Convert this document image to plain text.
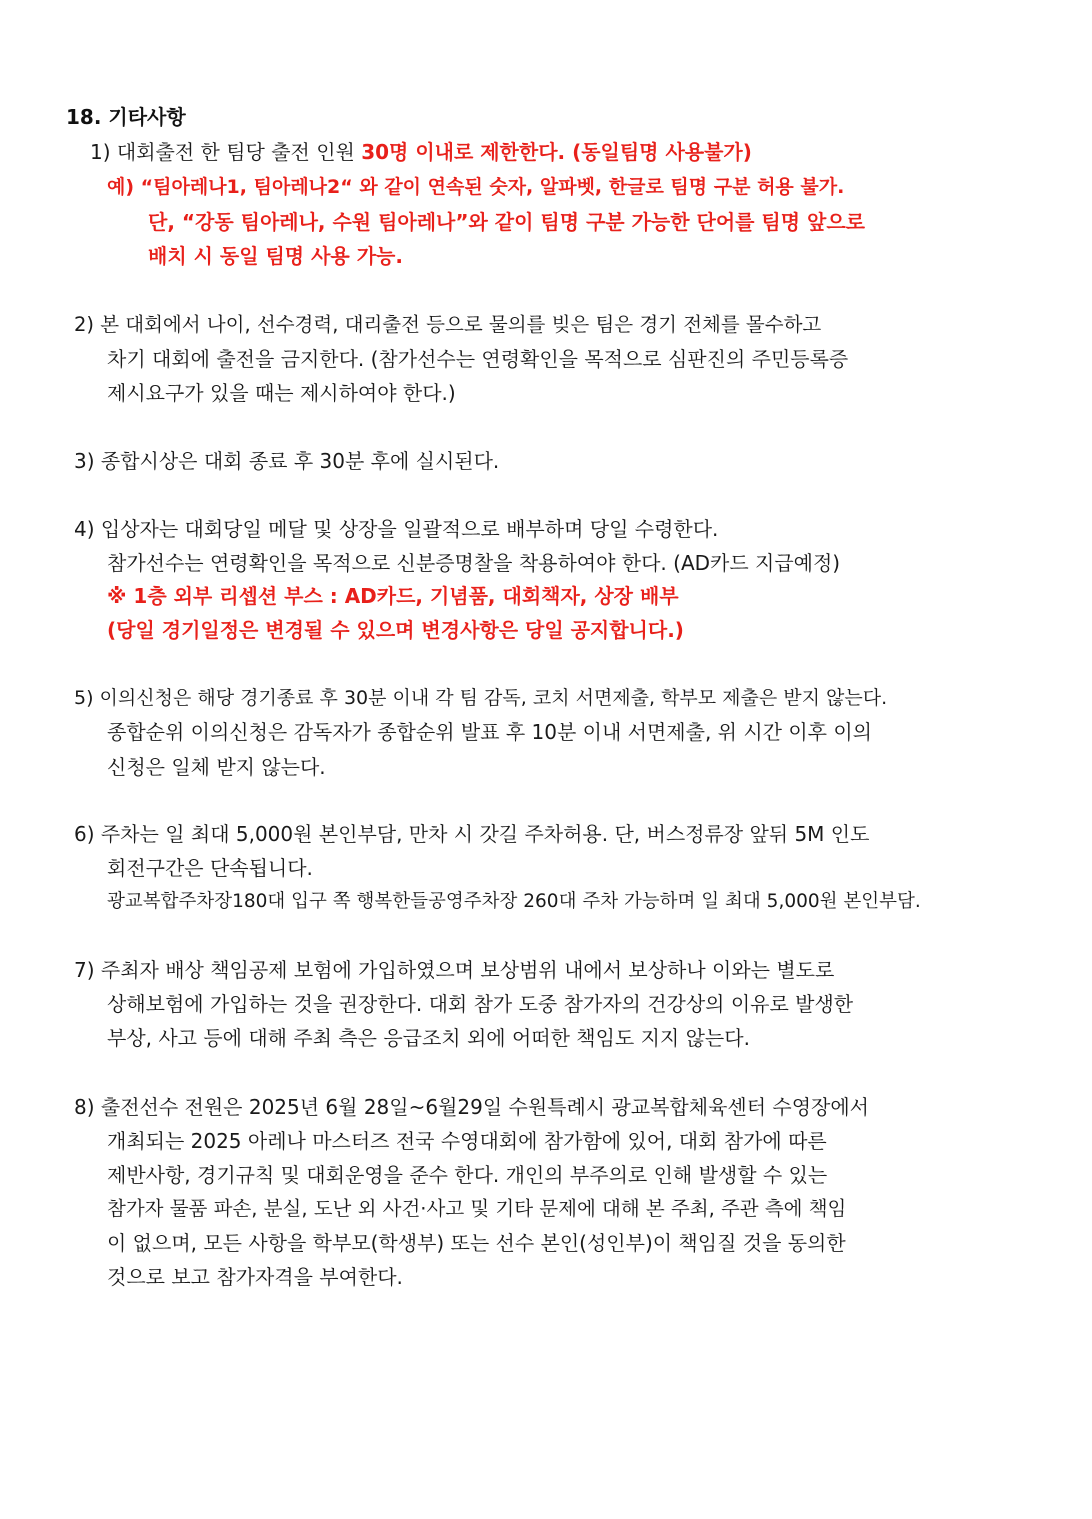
18. 기타사항
1) 대회출전 한 팀당 출전 인원 30명 이내로 제한한다. (동일팀명 사용불가)
예) “팀아레나1, 팀아레나2“ 와 같이 연속된 숫자, 알파벳, 한글로 팀명 구분 허용 불가.
단, “강동 팀아레나, 수원 팀아레나”와 같이 팀명 구분 가능한 단어를 팀명 앞으로
배치 시 동일 팀명 사용 가능.
2) 본 대회에서 나이, 선수경력, 대리출전 등으로 물의를 빚은 팀은 경기 전체를 몰수하고
차기 대회에 출전을 금지한다. (참가선수는 연령확인을 목적으로 심판진의 주민등록증
제시요구가 있을 때는 제시하여야 한다.)
3) 종합시상은 대회 종료 후 30분 후에 실시된다.
4) 입상자는 대회당일 메달 및 상장을 일괄적으로 배부하며 당일 수령한다.
참가선수는 연령확인을 목적으로 신분증명찰을 착용하여야 한다. (AD카드 지급예정)
※ 1층 외부 리셉션 부스 : AD카드, 기념품, 대회책자, 상장 배부
(당일 경기일정은 변경될 수 있으며 변경사항은 당일 공지합니다.)
5) 이의신청은 해당 경기종료 후 30분 이내 각 팀 감독, 코치 서면제출, 학부모 제출은 받지 않는다.
종합순위 이의신청은 감독자가 종합순위 발표 후 10분 이내 서면제출, 위 시간 이후 이의
신청은 일체 받지 않는다.
6) 주차는 일 최대 5,000원 본인부담, 만차 시 갓길 주차허용. 단, 버스정류장 앞뒤 5M 인도
회전구간은 단속됩니다.
광교복합주차장180대 입구 쪽 행복한들공영주차장 260대 주차 가능하며 일 최대 5,000원 본인부담.
7) 주최자 배상 책임공제 보험에 가입하였으며 보상범위 내에서 보상하나 이와는 별도로
상해보험에 가입하는 것을 권장한다. 대회 참가 도중 참가자의 건강상의 이유로 발생한
부상, 사고 등에 대해 주최 측은 응급조치 외에 어떠한 책임도 지지 않는다.
8) 출전선수 전원은 2025년 6월 28일~6월29일 수원특례시 광교복합체육센터 수영장에서
개최되는 2025 아레나 마스터즈 전국 수영대회에 참가함에 있어, 대회 참가에 따른
제반사항, 경기규칙 및 대회운영을 준수 한다. 개인의 부주의로 인해 발생할 수 있는
참가자 물품 파손, 분실, 도난 외 사건·사고 및 기타 문제에 대해 본 주최, 주관 측에 책임
이 없으며, 모든 사항을 학부모(학생부) 또는 선수 본인(성인부)이 책임질 것을 동의한
것으로 보고 참가자격을 부여한다.
